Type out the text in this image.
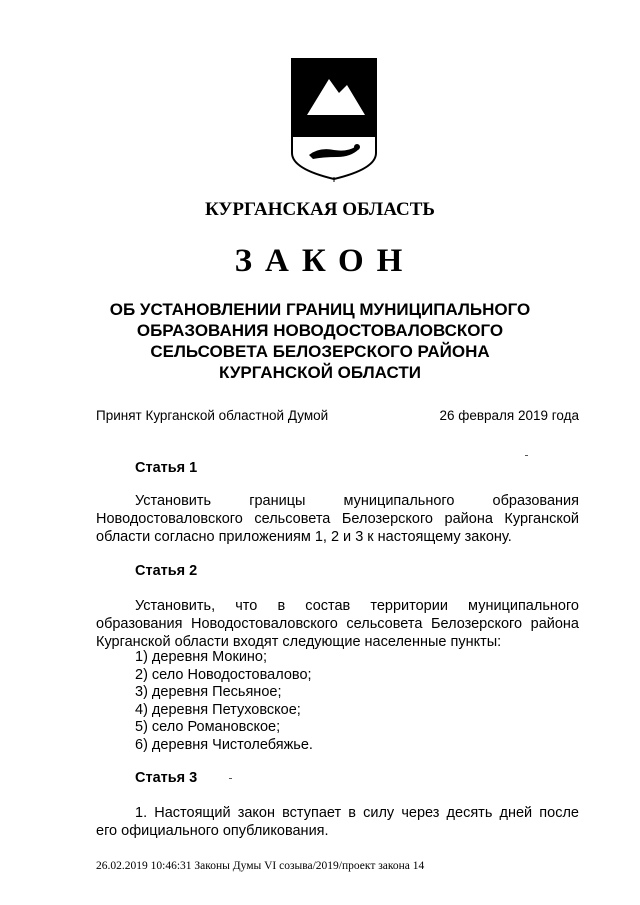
КУРГАНСКАЯ ОБЛАСТЬ
ЗАКОН
ОБ УСТАНОВЛЕНИИ ГРАНИЦ МУНИЦИПАЛЬНОГО
ОБРАЗОВАНИЯ НОВОДОСТОВАЛОВСКОГО
СЕЛЬСОВЕТА БЕЛОЗЕРСКОГО РАЙОНА
КУРГАНСКОЙ ОБЛАСТИ
Принят Курганской областной Думой	26 февраля 2019 года
Статья 1
Установить границы муниципального образования
Новодостоваловского сельсовета Белозерского района Курганской
области согласно приложениям 1, 2 и 3 к настоящему закону.
Статья 2
Установить, что в состав территории муниципального
образования Новодостоваловского сельсовета Белозерского района
Курганской области входят следующие населенные пункты:
1) деревня Мокино;
2) село Новодостовалово;
3) деревня Песьяное;
4) деревня Петуховское;
5) село Романовское;
6) деревня Чистолебяжье.
Статья 3
1. Настоящий закон вступает в силу через десять дней после
его официального опубликования.
26.02.2019 10:46:31 Законы Думы VI созыва/2019/проект закона 14
